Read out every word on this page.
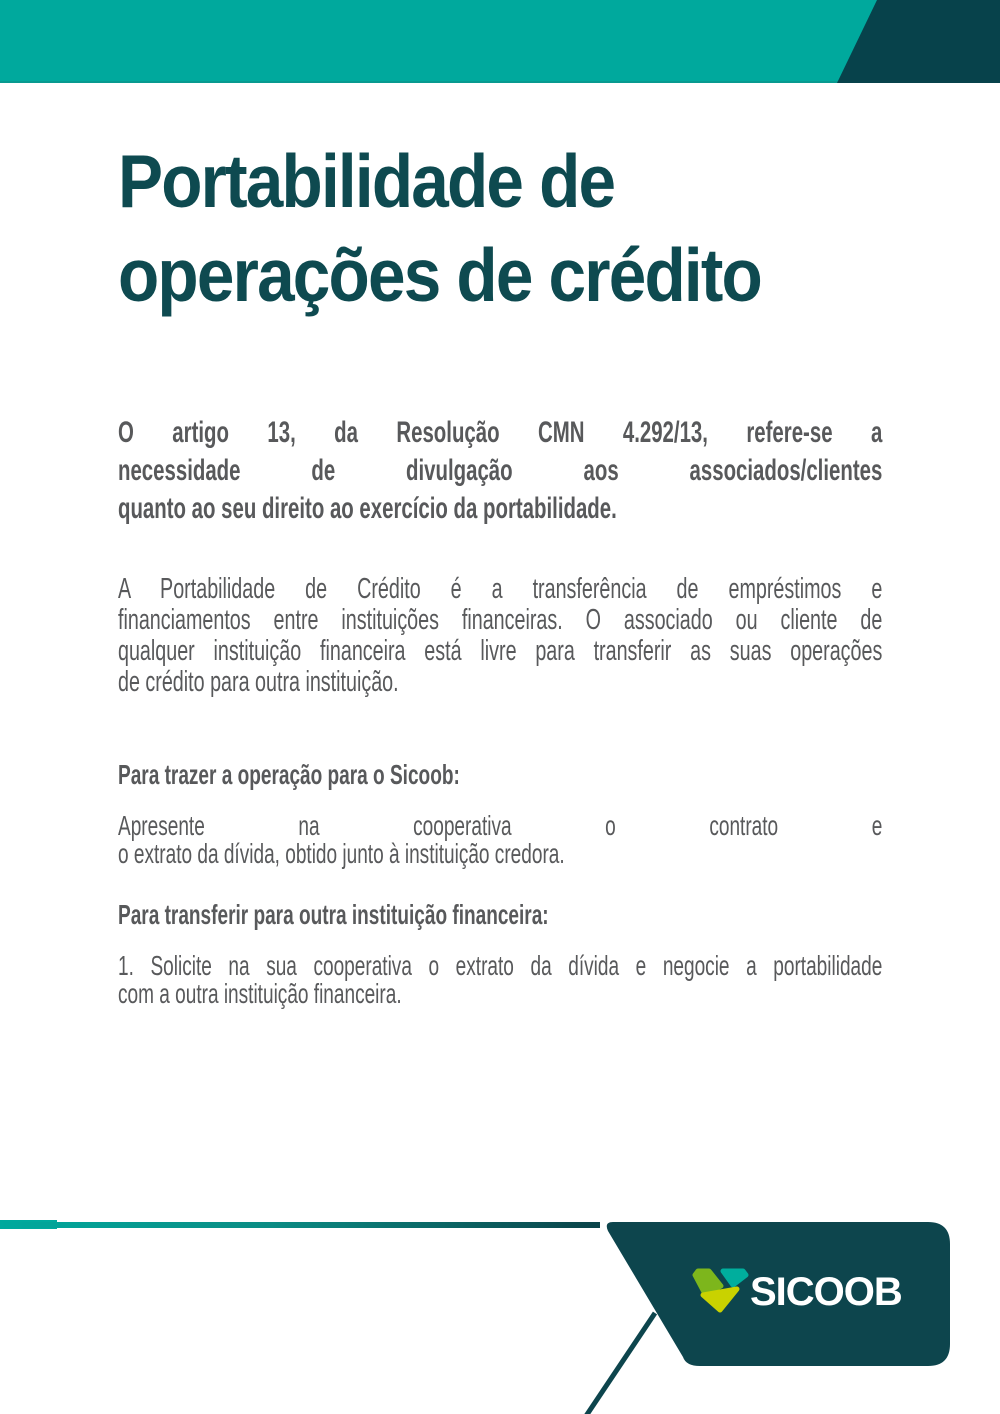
Portabilidade de
operações de crédito
O artigo 13, da Resolução CMN 4.292/13, refere-se a
necessidade de divulgação aos associados/clientes
quanto ao seu direito ao exercício da portabilidade.
A Portabilidade de Crédito é a transferência de empréstimos e
financiamentos entre instituições financeiras. O associado ou cliente de
qualquer instituição financeira está livre para transferir as suas operações
de crédito para outra instituição.
Para trazer a operação para o Sicoob:
Apresente na cooperativa o contrato e
o extrato da dívida, obtido junto à instituição credora.
Para transferir para outra instituição financeira:
1. Solicite na sua cooperativa o extrato da dívida e negocie a portabilidade
com a outra instituição financeira.
SICOOB
